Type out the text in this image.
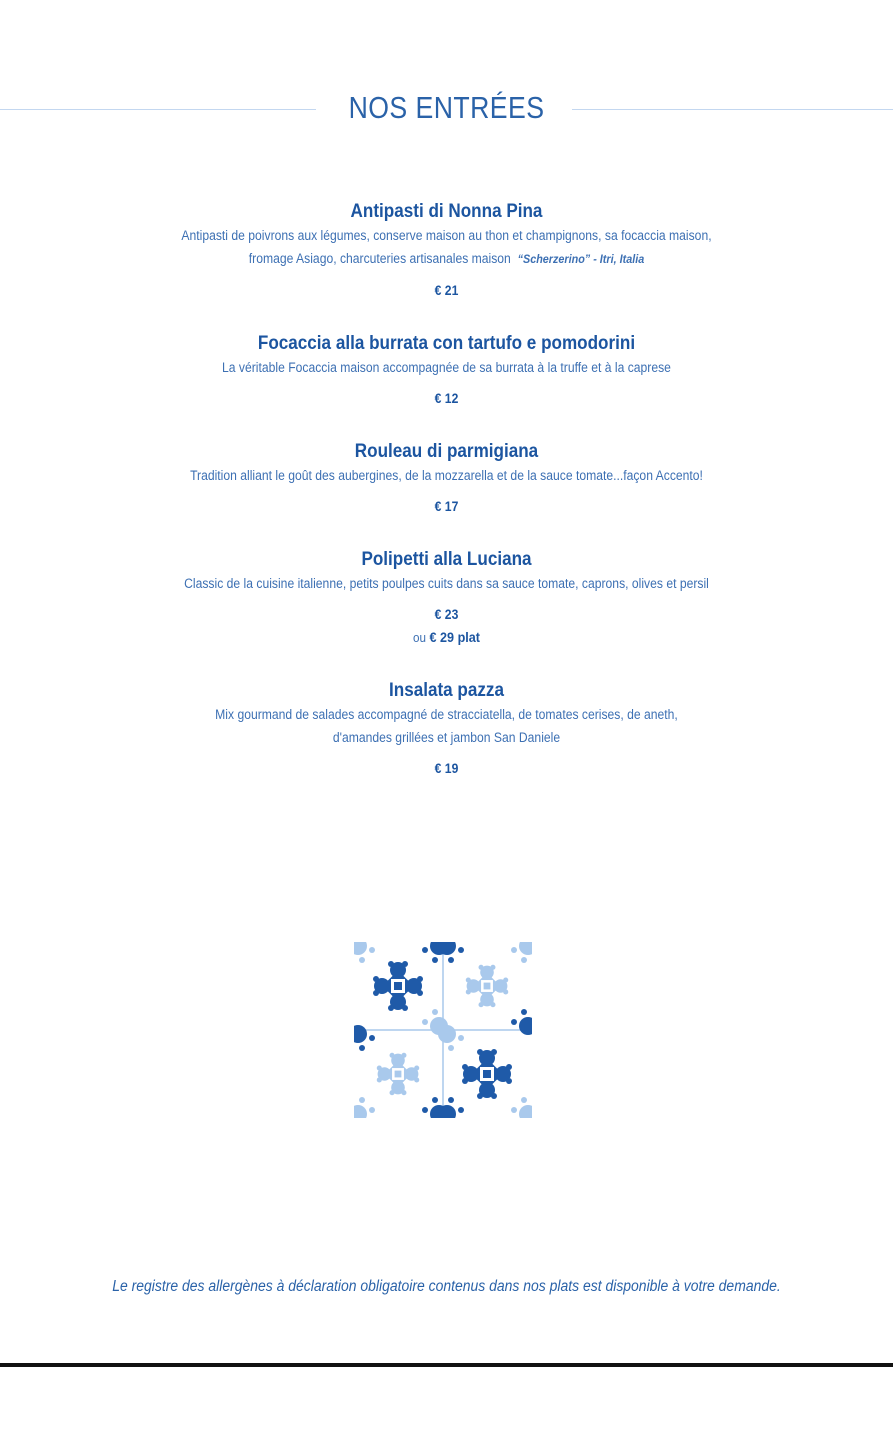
NOS ENTRÉES
Antipasti di Nonna Pina
Antipasti de poivrons aux légumes, conserve maison au thon et champignons, sa focaccia maison,
fromage Asiago, charcuteries artisanales maison “Scherzerino” - Itri, Italia
€ 21
Focaccia alla burrata con tartufo e pomodorini
La véritable Focaccia maison accompagnée de sa burrata à la truffe et à la caprese
€ 12
Rouleau di parmigiana
Tradition alliant le goût des aubergines, de la mozzarella et de la sauce tomate...façon Accento!
€ 17
Polipetti alla Luciana
Classic de la cuisine italienne, petits poulpes cuits dans sa sauce tomate, caprons, olives et persil
€ 23
ou € 29 plat
Insalata pazza
Mix gourmand de salades accompagné de stracciatella, de tomates cerises, de aneth,
d'amandes grillées et jambon San Daniele
€ 19
Le registre des allergènes à déclaration obligatoire contenus dans nos plats est disponible à votre demande.
